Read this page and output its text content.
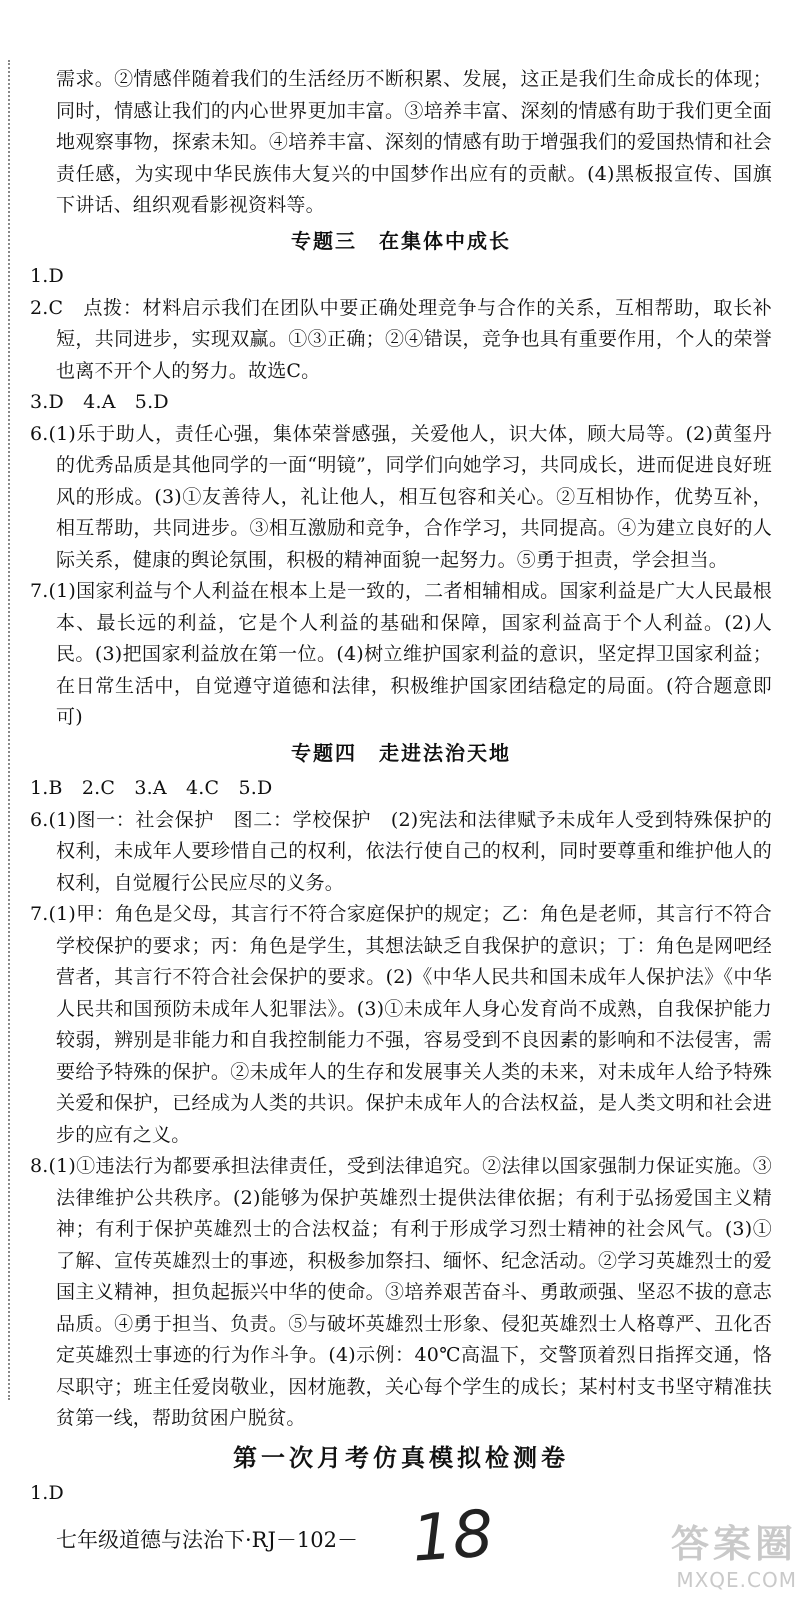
需求。②情感伴随着我们的生活经历不断积累、发展，这正是我们生命成长的体现；同时，情感让我们的内心世界更加丰富。③培养丰富、深刻的情感有助于我们更全面地观察事物，探索未知。④培养丰富、深刻的情感有助于增强我们的爱国热情和社会责任感，为实现中华民族伟大复兴的中国梦作出应有的贡献。(4)黑板报宣传、国旗下讲话、组织观看影视资料等。

专题三 在集体中成长

1.D

2.C　点拨：材料启示我们在团队中要正确处理竞争与合作的关系，互相帮助，取长补短，共同进步，实现双赢。①③正确；②④错误，竞争也具有重要作用，个人的荣誉也离不开个人的努力。故选C。

3.D　4.A　5.D

6.(1)乐于助人，责任心强，集体荣誉感强，关爱他人，识大体，顾大局等。(2)黄玺丹的优秀品质是其他同学的一面“明镜”，同学们向她学习，共同成长，进而促进良好班风的形成。(3)①友善待人，礼让他人，相互包容和关心。②互相协作，优势互补，相互帮助，共同进步。③相互激励和竞争，合作学习，共同提高。④为建立良好的人际关系，健康的舆论氛围，积极的精神面貌一起努力。⑤勇于担责，学会担当。

7.(1)国家利益与个人利益在根本上是一致的，二者相辅相成。国家利益是广大人民最根本、最长远的利益，它是个人利益的基础和保障，国家利益高于个人利益。(2)人民。(3)把国家利益放在第一位。(4)树立维护国家利益的意识，坚定捍卫国家利益；在日常生活中，自觉遵守道德和法律，积极维护国家团结稳定的局面。(符合题意即可)

专题四 走进法治天地

1.B　2.C　3.A　4.C　5.D

6.(1)图一：社会保护　图二：学校保护　(2)宪法和法律赋予未成年人受到特殊保护的权利，未成年人要珍惜自己的权利，依法行使自己的权利，同时要尊重和维护他人的权利，自觉履行公民应尽的义务。

7.(1)甲：角色是父母，其言行不符合家庭保护的规定；乙：角色是老师，其言行不符合学校保护的要求；丙：角色是学生，其想法缺乏自我保护的意识；丁：角色是网吧经营者，其言行不符合社会保护的要求。(2)《中华人民共和国未成年人保护法》《中华人民共和国预防未成年人犯罪法》。(3)①未成年人身心发育尚不成熟，自我保护能力较弱，辨别是非能力和自我控制能力不强，容易受到不良因素的影响和不法侵害，需要给予特殊的保护。②未成年人的生存和发展事关人类的未来，对未成年人给予特殊关爱和保护，已经成为人类的共识。保护未成年人的合法权益，是人类文明和社会进步的应有之义。

8.(1)①违法行为都要承担法律责任，受到法律追究。②法律以国家强制力保证实施。③法律维护公共秩序。(2)能够为保护英雄烈士提供法律依据；有利于弘扬爱国主义精神；有利于保护英雄烈士的合法权益；有利于形成学习烈士精神的社会风气。(3)①了解、宣传英雄烈士的事迹，积极参加祭扫、缅怀、纪念活动。②学习英雄烈士的爱国主义精神，担负起振兴中华的使命。③培养艰苦奋斗、勇敢顽强、坚忍不拔的意志品质。④勇于担当、负责。⑤与破坏英雄烈士形象、侵犯英雄烈士人格尊严、丑化否定英雄烈士事迹的行为作斗争。(4)示例：40℃高温下，交警顶着烈日指挥交通，恪尽职守；班主任爱岗敬业，因材施教，关心每个学生的成长；某村村支书坚守精准扶贫第一线，帮助贫困户脱贫。

第一次月考仿真模拟检测卷

1.D

七年级道德与法治下·RJ－102－ 18	答案圈
MXQE.COM
